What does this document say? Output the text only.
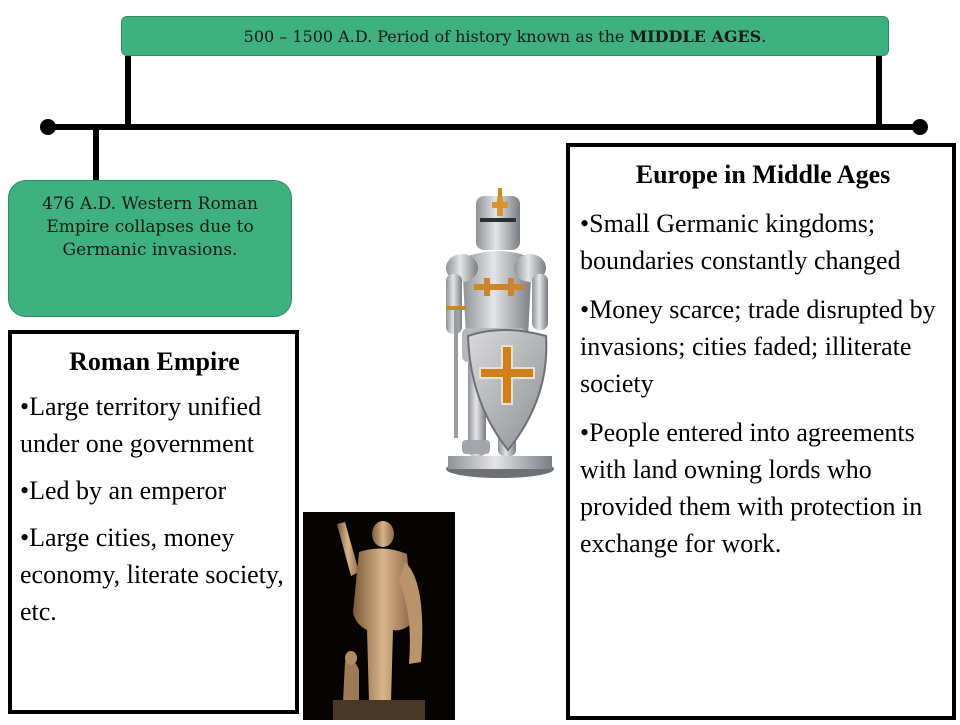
500 – 1500 A.D. Period of history known as the MIDDLE AGES.
476 A.D. Western Roman Empire collapses due to Germanic invasions.
Roman Empire

•Large territory unified under one government

•Led by an emperor

•Large cities, money economy, literate society, etc.

Europe in Middle Ages

•Small Germanic kingdoms; boundaries constantly changed

•Money scarce; trade disrupted by invasions; cities faded; illiterate society

•People entered into agreements with land owning lords who provided them with protection in exchange for work.
